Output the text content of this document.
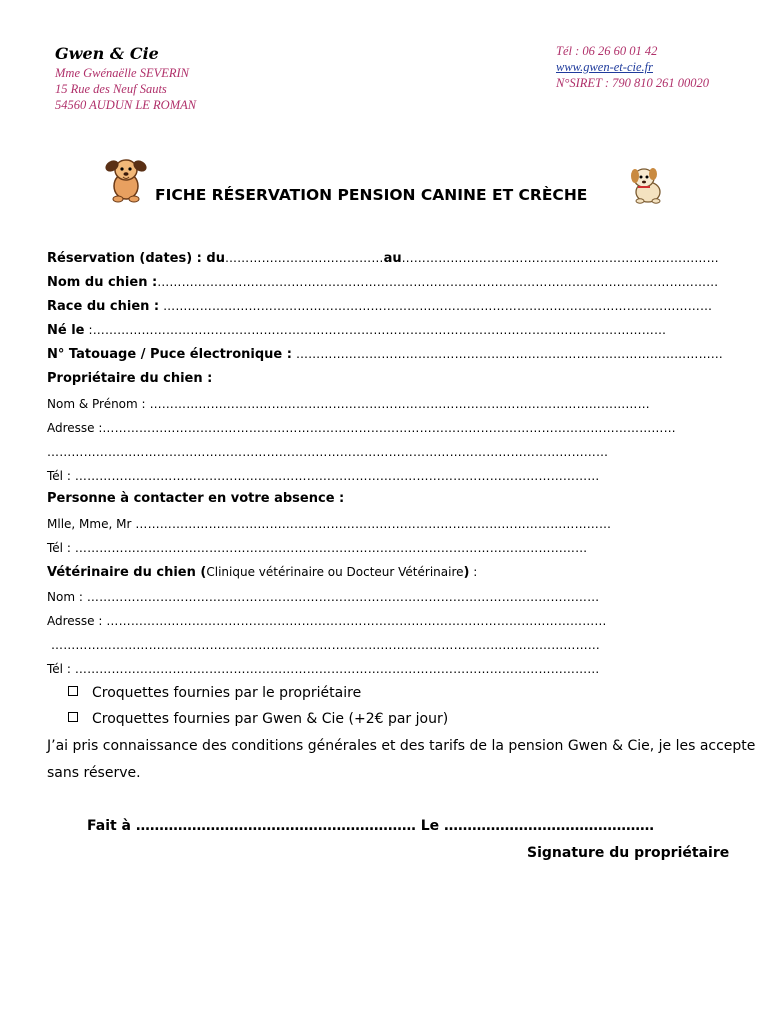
Gwen & Cie
Mme Gwénaëlle SEVERIN
15 Rue des Neuf Sauts
54560 AUDUN LE ROMAN
Tél : 06 26 60 01 42
www.gwen-et-cie.fr
N°SIRET : 790 810 261 00020
FICHE RÉSERVATION PENSION CANINE ET CRÈCHE
Réservation (dates) : du…………………………………au……………………………………………………………………
Nom du chien :…………………………………………………………………………………………………………………………
Race du chien : ………………………………………………………………………………………………………………………
Né le :……………………………………………………………………………………………………………………………
N° Tatouage / Puce électronique : ……………………………………………………………………………………………
Propriétaire du chien :
Nom & Prénom : ……………………………………………………………………………………………………………
Adresse :……………………………………………………………………………………………………………………………
…………………………………………………………………………………………………………………………
Tél : …………………………………………………………………………………………………………………
Personne à contacter en votre absence :
Mlle, Mme, Mr ………………………………………………………………………………………………………
Tél : ………………………………………………………………………………………………………………
Vétérinaire du chien (Clinique vétérinaire ou Docteur Vétérinaire) :
Nom : ………………………………………………………………………………………………………………
Adresse : ……………………………………………………………………………………………………………
………………………………………………………………………………………………………………………
Tél : …………………………………………………………………………………………………………………
Croquettes fournies par le propriétaire
Croquettes fournies par Gwen & Cie (+2€ par jour)
J’ai pris connaissance des conditions générales et des tarifs de la pension Gwen & Cie, je les accepte
sans réserve.
Fait à …………………………………………………… Le ………………………………………
Signature du propriétaire
